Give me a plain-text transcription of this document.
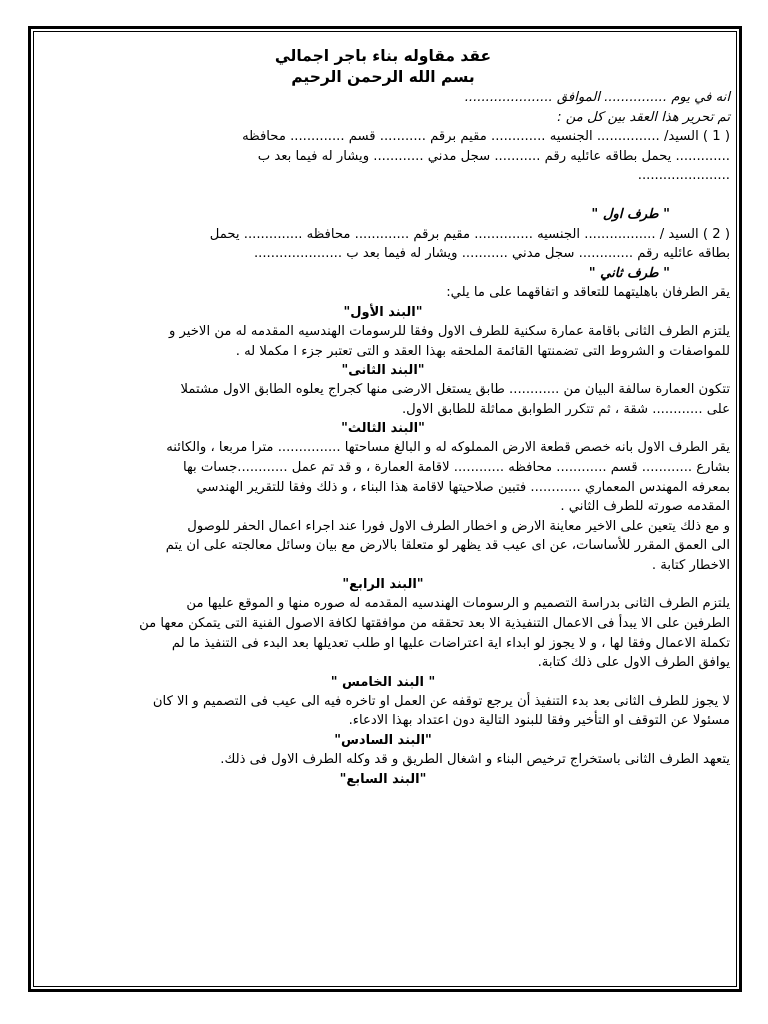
عقد مقاوله بناء باجر اجمالي

بسم الله الرحمن الرحيم

انه في يوم ............... الموافق .....................

تم تحرير هذا العقد بين كل من :

( 1 ) السيد/ ............... الجنسيه ............. مقيم برقم ........... قسم ............. محافظه

............. يحمل بطاقه عائليه رقم ........... سجل مدني ............ ويشار له فيما بعد ب

......................

" طرف اول "

( 2 ) السيد / ................. الجنسيه .............. مقيم برقم ............. محافظه .............. يحمل

بطاقه عائليه رقم ............. سجل مدني ........... ويشار له فيما بعد ب .....................

" طرف ثاني "

يقر الطرفان باهليتهما للتعاقد و اتفاقهما على ما يلي:

"البند الأول"

يلتزم الطرف الثانى باقامة عمارة سكنية للطرف الاول وفقا للرسومات الهندسيه المقدمه له من الاخير و

للمواصفات و الشروط التى تضمنتها القائمة الملحقه بهذا العقد و التى تعتبر جزء ا مكملا له .

"البند الثانى"

تتكون العمارة سالفة البيان من ............ طابق يستغل الارضى منها كجراج يعلوه الطابق الاول مشتملا

على ............ شقة ، ثم تتكرر الطوابق مماثلة للطابق الاول.

"البند الثالث"

يقر الطرف الاول بانه خصص قطعة الارض المملوكه له و البالغ مساحتها ............... مترا مربعا ، والكائنه

بشارع ............ قسم ............ محافظه ............ لاقامة العمارة ، و قد تم عمل ............جسات بها

بمعرفه المهندس المعماري ............ فتبين صلاحيتها لاقامة هذا البناء ، و ذلك وفقا للتقرير الهندسي

المقدمه صورته للطرف الثاني .

و مع ذلك يتعين على الاخير معاينة الارض و اخطار الطرف الاول فورا عند اجراء اعمال الحفر للوصول

الى العمق المقرر للأساسات، عن اى عيب قد يظهر لو متعلقا بالارض مع بيان وسائل معالجته على ان يتم

الاخطار كتابة .

"البند الرابع"

يلتزم الطرف الثانى بدراسة التصميم و الرسومات الهندسيه المقدمه له صوره منها و الموقع عليها من

الطرفين على الا يبدأ فى الاعمال التنفيذية الا بعد تحققه من موافقتها لكافة الاصول الفنية التى يتمكن معها من

تكملة الاعمال وفقا لها ، و لا يجوز لو ابداء اية اعتراضات عليها او طلب تعديلها بعد البدء فى التنفيذ ما لم

يوافق الطرف الاول على ذلك كتابة.

" البند الخامس "

لا يجوز للطرف الثانى بعد بدء التنفيذ أن يرجع توقفه عن العمل او تاخره فيه الى عيب فى التصميم و الا كان

مسئولا عن التوقف او التأخير وفقا للبنود التالية دون اعتداد بهذا الادعاء.

"البند السادس"

يتعهد الطرف الثانى باستخراج ترخيص البناء و اشغال الطريق و قد وكله الطرف الاول فى ذلك.

"البند السابع"
